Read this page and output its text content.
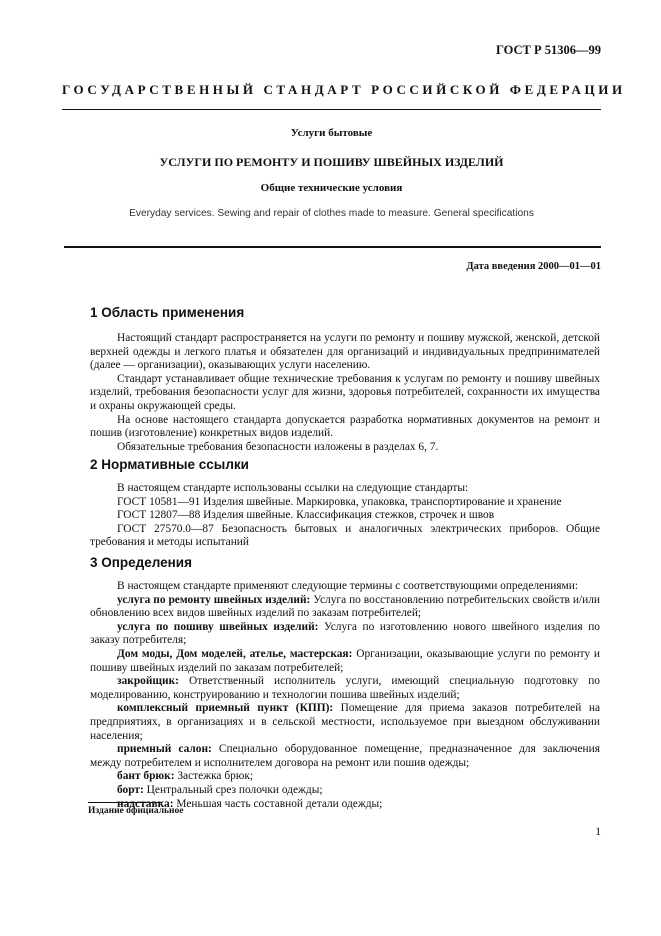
ГОСТ Р 51306—99
ГОСУДАРСТВЕННЫЙ СТАНДАРТ РОССИЙСКОЙ ФЕДЕРАЦИИ
Услуги бытовые
УСЛУГИ ПО РЕМОНТУ И ПОШИВУ ШВЕЙНЫХ ИЗДЕЛИЙ
Общие технические условия
Everyday services. Sewing and repair of clothes made to measure. General specifications
Дата введения 2000—01—01
1 Область применения

Настоящий стандарт распространяется на услуги по ремонту и пошиву мужской, женской, детской верхней одежды и легкого платья и обязателен для организаций и индивидуальных предпринимателей (далее — организации), оказывающих услуги населению.

Стандарт устанавливает общие технические требования к услугам по ремонту и пошиву швейных изделий, требования безопасности услуг для жизни, здоровья потребителей, сохранности их имущества и охраны окружающей среды.

На основе настоящего стандарта допускается разработка нормативных документов на ремонт и пошив (изготовление) конкретных видов изделий.

Обязательные требования безопасности изложены в разделах 6, 7.

2 Нормативные ссылки

В настоящем стандарте использованы ссылки на следующие стандарты:

ГОСТ 10581—91 Изделия швейные. Маркировка, упаковка, транспортирование и хранение

ГОСТ 12807—88 Изделия швейные. Классификация стежков, строчек и швов

ГОСТ 27570.0—87 Безопасность бытовых и аналогичных электрических приборов. Общие требования и методы испытаний

3 Определения

В настоящем стандарте применяют следующие термины с соответствующими определениями:

услуга по ремонту швейных изделий: Услуга по восстановлению потребительских свойств и/или обновлению всех видов швейных изделий по заказам потребителей;

услуга по пошиву швейных изделий: Услуга по изготовлению нового швейного изделия по заказу потребителя;

Дом моды, Дом моделей, ателье, мастерская: Организации, оказывающие услуги по ремонту и пошиву швейных изделий по заказам потребителей;

закройщик: Ответственный исполнитель услуги, имеющий специальную подготовку по моделированию, конструированию и технологии пошива швейных изделий;

комплексный приемный пункт (КПП): Помещение для приема заказов потребителей на предприятиях, в организациях и в сельской местности, используемое при выездном обслуживании населения;

приемный салон: Специально оборудованное помещение, предназначенное для заключения между потребителем и исполнителем договора на ремонт или пошив одежды;

бант брюк: Застежка брюк;

борт: Центральный срез полочки одежды;

надставка: Меньшая часть составной детали одежды;

Издание официальное
1
